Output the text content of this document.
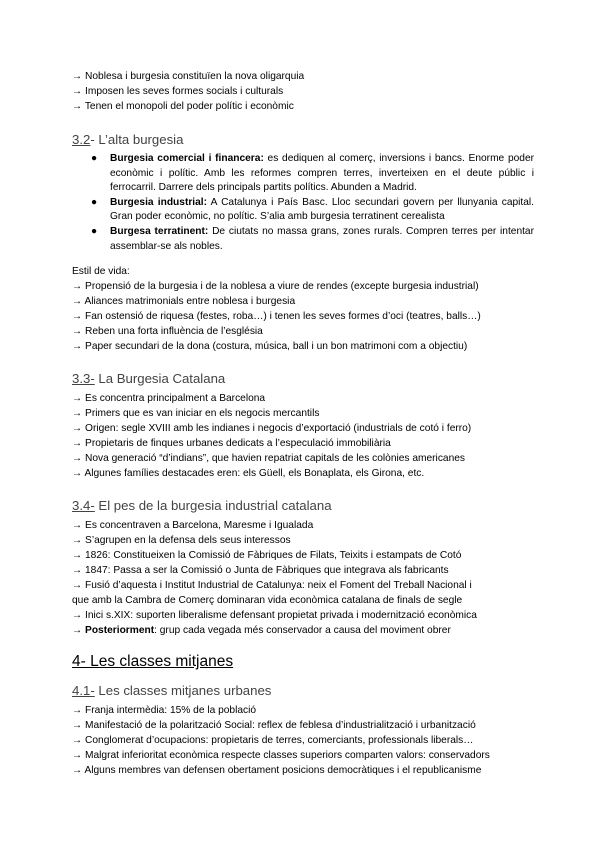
→ Noblesa i burgesia constituïen la nova oligarquia
→ Imposen les seves formes socials i culturals
→ Tenen el monopoli del poder polític i econòmic
3.2- L’alta burgesia
● Burgesia comercial i financera: es dediquen al comerç, inversions i bancs. Enorme poder econòmic i polític. Amb les reformes compren terres, inverteixen en el deute públic i ferrocarril. Darrere dels principals partits polítics. Abunden a Madrid.
● Burgesia industrial: A Catalunya i País Basc. Lloc secundari govern per llunyania capital. Gran poder econòmic, no polític. S’alia amb burgesia terratinent cerealista
● Burgesa terratinent: De ciutats no massa grans, zones rurals. Compren terres per intentar assemblar-se als nobles.
Estil de vida:
→ Propensió de la burgesia i de la noblesa a viure de rendes (excepte burgesia industrial)
→ Aliances matrimonials entre noblesa i burgesia
→ Fan ostensió de riquesa (festes, roba…) i tenen les seves formes d’oci (teatres, balls…)
→ Reben una forta influència de l’església
→ Paper secundari de la dona (costura, música, ball i un bon matrimoni com a objectiu)
3.3- La Burgesia Catalana
→ Es concentra principalment a Barcelona
→ Primers que es van iniciar en els negocis mercantils
→ Origen: segle XVIII amb les indianes i negocis d’exportació (industrials de cotó i ferro)
→ Propietaris de finques urbanes dedicats a l’especulació immobiliària
→ Nova generació “d’indians”, que havien repatriat capitals de les colònies americanes
→ Algunes famílies destacades eren: els Güell, els Bonaplata, els Girona, etc.
3.4- El pes de la burgesia industrial catalana
→ Es concentraven a Barcelona, Maresme i Igualada
→ S’agrupen en la defensa dels seus interessos
→ 1826: Constitueixen la Comissió de Fàbriques de Filats, Teixits i estampats de Cotó
→ 1847: Passa a ser la Comissió o Junta de Fàbriques que integrava als fabricants
→ Fusió d’aquesta i Institut Industrial de Catalunya: neix el Foment del Treball Nacional i
que amb la Cambra de Comerç dominaran vida econòmica catalana de finals de segle
→ Inici s.XIX: suporten liberalisme defensant propietat privada i modernització econòmica
→ Posteriorment: grup cada vegada més conservador a causa del moviment obrer
4- Les classes mitjanes
4.1- Les classes mitjanes urbanes
→ Franja intermèdia: 15% de la població
→ Manifestació de la polarització Social: reflex de feblesa d’industrialització i urbanització
→ Conglomerat d’ocupacions: propietaris de terres, comerciants, professionals liberals…
→ Malgrat inferioritat econòmica respecte classes superiors comparten valors: conservadors
→ Alguns membres van defensen obertament posicions democràtiques i el republicanisme
